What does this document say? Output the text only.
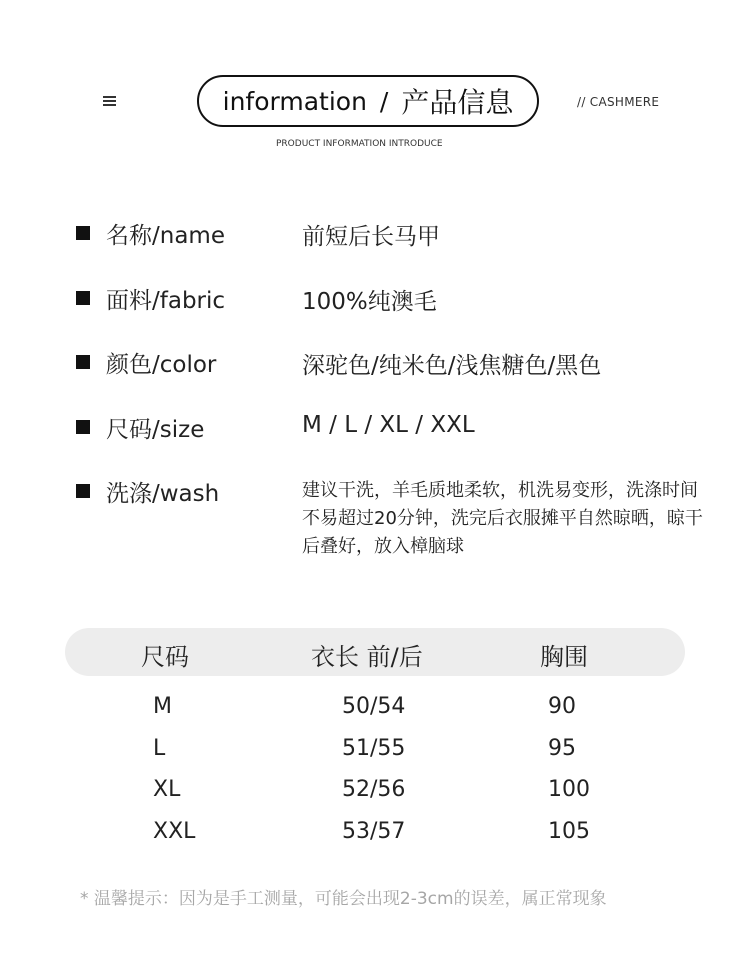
information / 产品信息	// CASHMERE
PRODUCT INFORMATION INTRODUCE
名称/name	前短后长马甲
面料/fabric	100%纯澳毛
颜色/color	深驼色/纯米色/浅焦糖色/黑色
尺码/size	M / L / XL / XXL
洗涤/wash	建议干洗，羊毛质地柔软，机洗易变形，洗涤时间不易超过20分钟，洗完后衣服摊平自然晾晒，晾干后叠好，放入樟脑球
尺码	衣长 前/后	胸围
M	50/54	90
L	51/55	95
XL	52/56	100
XXL	53/57	105
* 温馨提示：因为是手工测量，可能会出现2-3cm的误差，属正常现象
